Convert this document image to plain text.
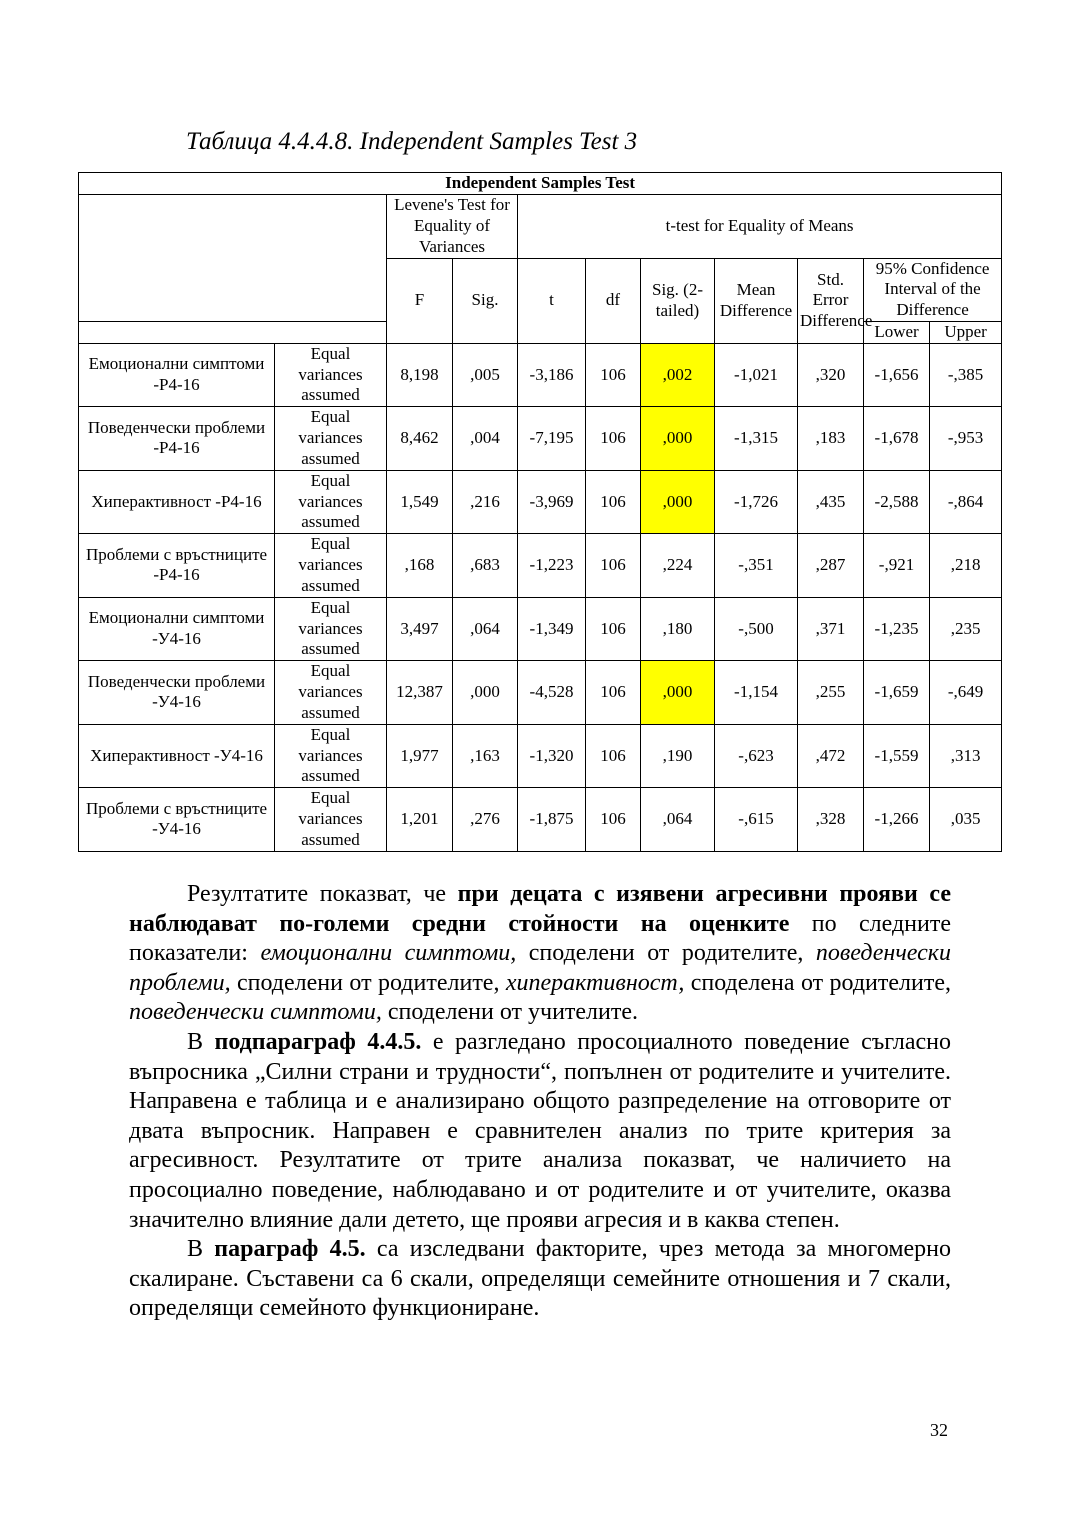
Таблица 4.4.4.8. Independent Samples Test 3
Independent Samples Test										
		Levene's Test for Equality of Variances		t-test for Equality of Means						
		F	Sig.	t	df	Sig. (2-tailed)	Mean Difference	Std. Error Difference	95% Confidence Interval of the Difference	
									Lower	Upper
Емоционални симптоми -Р4-16	Equal variances assumed	8,198	,005	-3,186	106	,002	-1,021	,320	-1,656	-,385
Поведенчески проблеми -Р4-16	Equal variances assumed	8,462	,004	-7,195	106	,000	-1,315	,183	-1,678	-,953
Хиперактивност -Р4-16	Equal variances assumed	1,549	,216	-3,969	106	,000	-1,726	,435	-2,588	-,864
Проблеми с връстниците -Р4-16	Equal variances assumed	,168	,683	-1,223	106	,224	-,351	,287	-,921	,218
Емоционални симптоми -У4-16	Equal variances assumed	3,497	,064	-1,349	106	,180	-,500	,371	-1,235	,235
Поведенчески проблеми -У4-16	Equal variances assumed	12,387	,000	-4,528	106	,000	-1,154	,255	-1,659	-,649
Хиперактивност -У4-16	Equal variances assumed	1,977	,163	-1,320	106	,190	-,623	,472	-1,559	,313
Проблеми с връстниците -У4-16	Equal variances assumed	1,201	,276	-1,875	106	,064	-,615	,328	-1,266	,035

Резултатите показват, че при децата с изявени агресивни прояви се наблюдават по-големи средни стойности на оценките по следните показатели: емоционални симптоми, споделени от родителите, поведенчески проблеми, споделени от родителите, хиперактивност, споделена от родителите, поведенчески симптоми, споделени от учителите.

В подпараграф 4.4.5. е разгледано просоциалното поведение съгласно въпросника „Силни страни и трудности“, попълнен от родителите и учителите. Направена е таблица и е анализирано общото разпределение на отговорите от двата въпросник. Направен е сравнителен анализ по трите критерия за агресивност. Резултатите от трите анализа показват, че наличието на просоциално поведение, наблюдавано и от родителите и от учителите, оказва значително влияние дали детето, ще прояви агресия и в каква степен.

В параграф 4.5. са изследвани факторите, чрез метода за многомерно скалиране. Съставени са 6 скали, определящи семейните отношения и 7 скали, определящи семейното функциониране.

32
